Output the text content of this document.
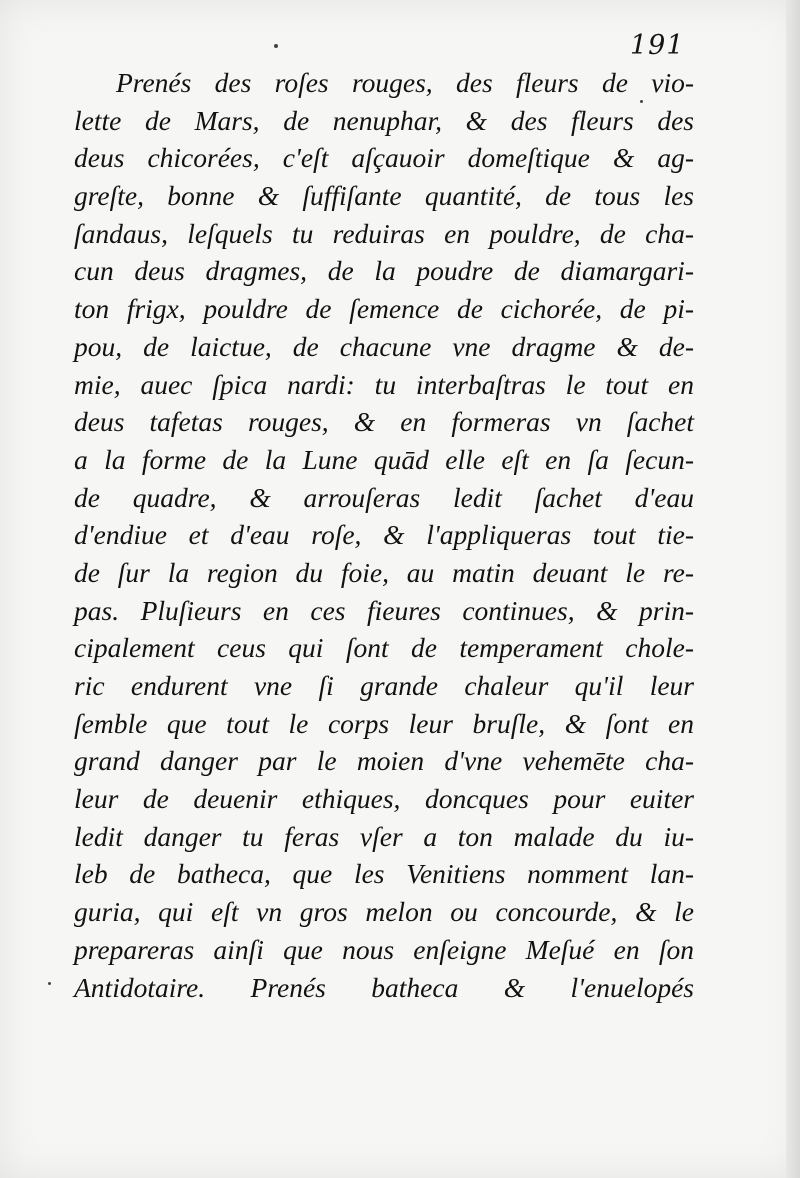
191
Prenés des roſes rouges, des fleurs de vio-
lette de Mars, de nenuphar, & des fleurs des
deus chicorées, c'eſt aſçauoir domeſtique & ag-
greſte, bonne & ſuffiſante quantité, de tous les
ſandaus, leſquels tu reduiras en pouldre, de cha-
cun deus dragmes, de la poudre de diamargari-
ton frigx, pouldre de ſemence de cichorée, de pi-
pou, de laictue, de chacune vne dragme & de-
mie, auec ſpica nardi: tu interbaſtras le tout en
deus tafetas rouges, & en formeras vn ſachet
a la forme de la Lune quād elle eſt en ſa ſecun-
de quadre, & arrouſeras ledit ſachet d'eau
d'endiue et d'eau roſe, & l'appliqueras tout tie-
de ſur la region du foie, au matin deuant le re-
pas. Pluſieurs en ces fieures continues, & prin-
cipalement ceus qui ſont de temperament chole-
ric endurent vne ſi grande chaleur qu'il leur
ſemble que tout le corps leur bruſle, & ſont en
grand danger par le moien d'vne vehemēte cha-
leur de deuenir ethiques, doncques pour euiter
ledit danger tu feras vſer a ton malade du iu-
leb de batheca, que les Venitiens nomment lan-
guria, qui eſt vn gros melon ou concourde, & le
prepareras ainſi que nous enſeigne Meſué en ſon
Antidotaire. Prenés batheca & l'enuelopés
